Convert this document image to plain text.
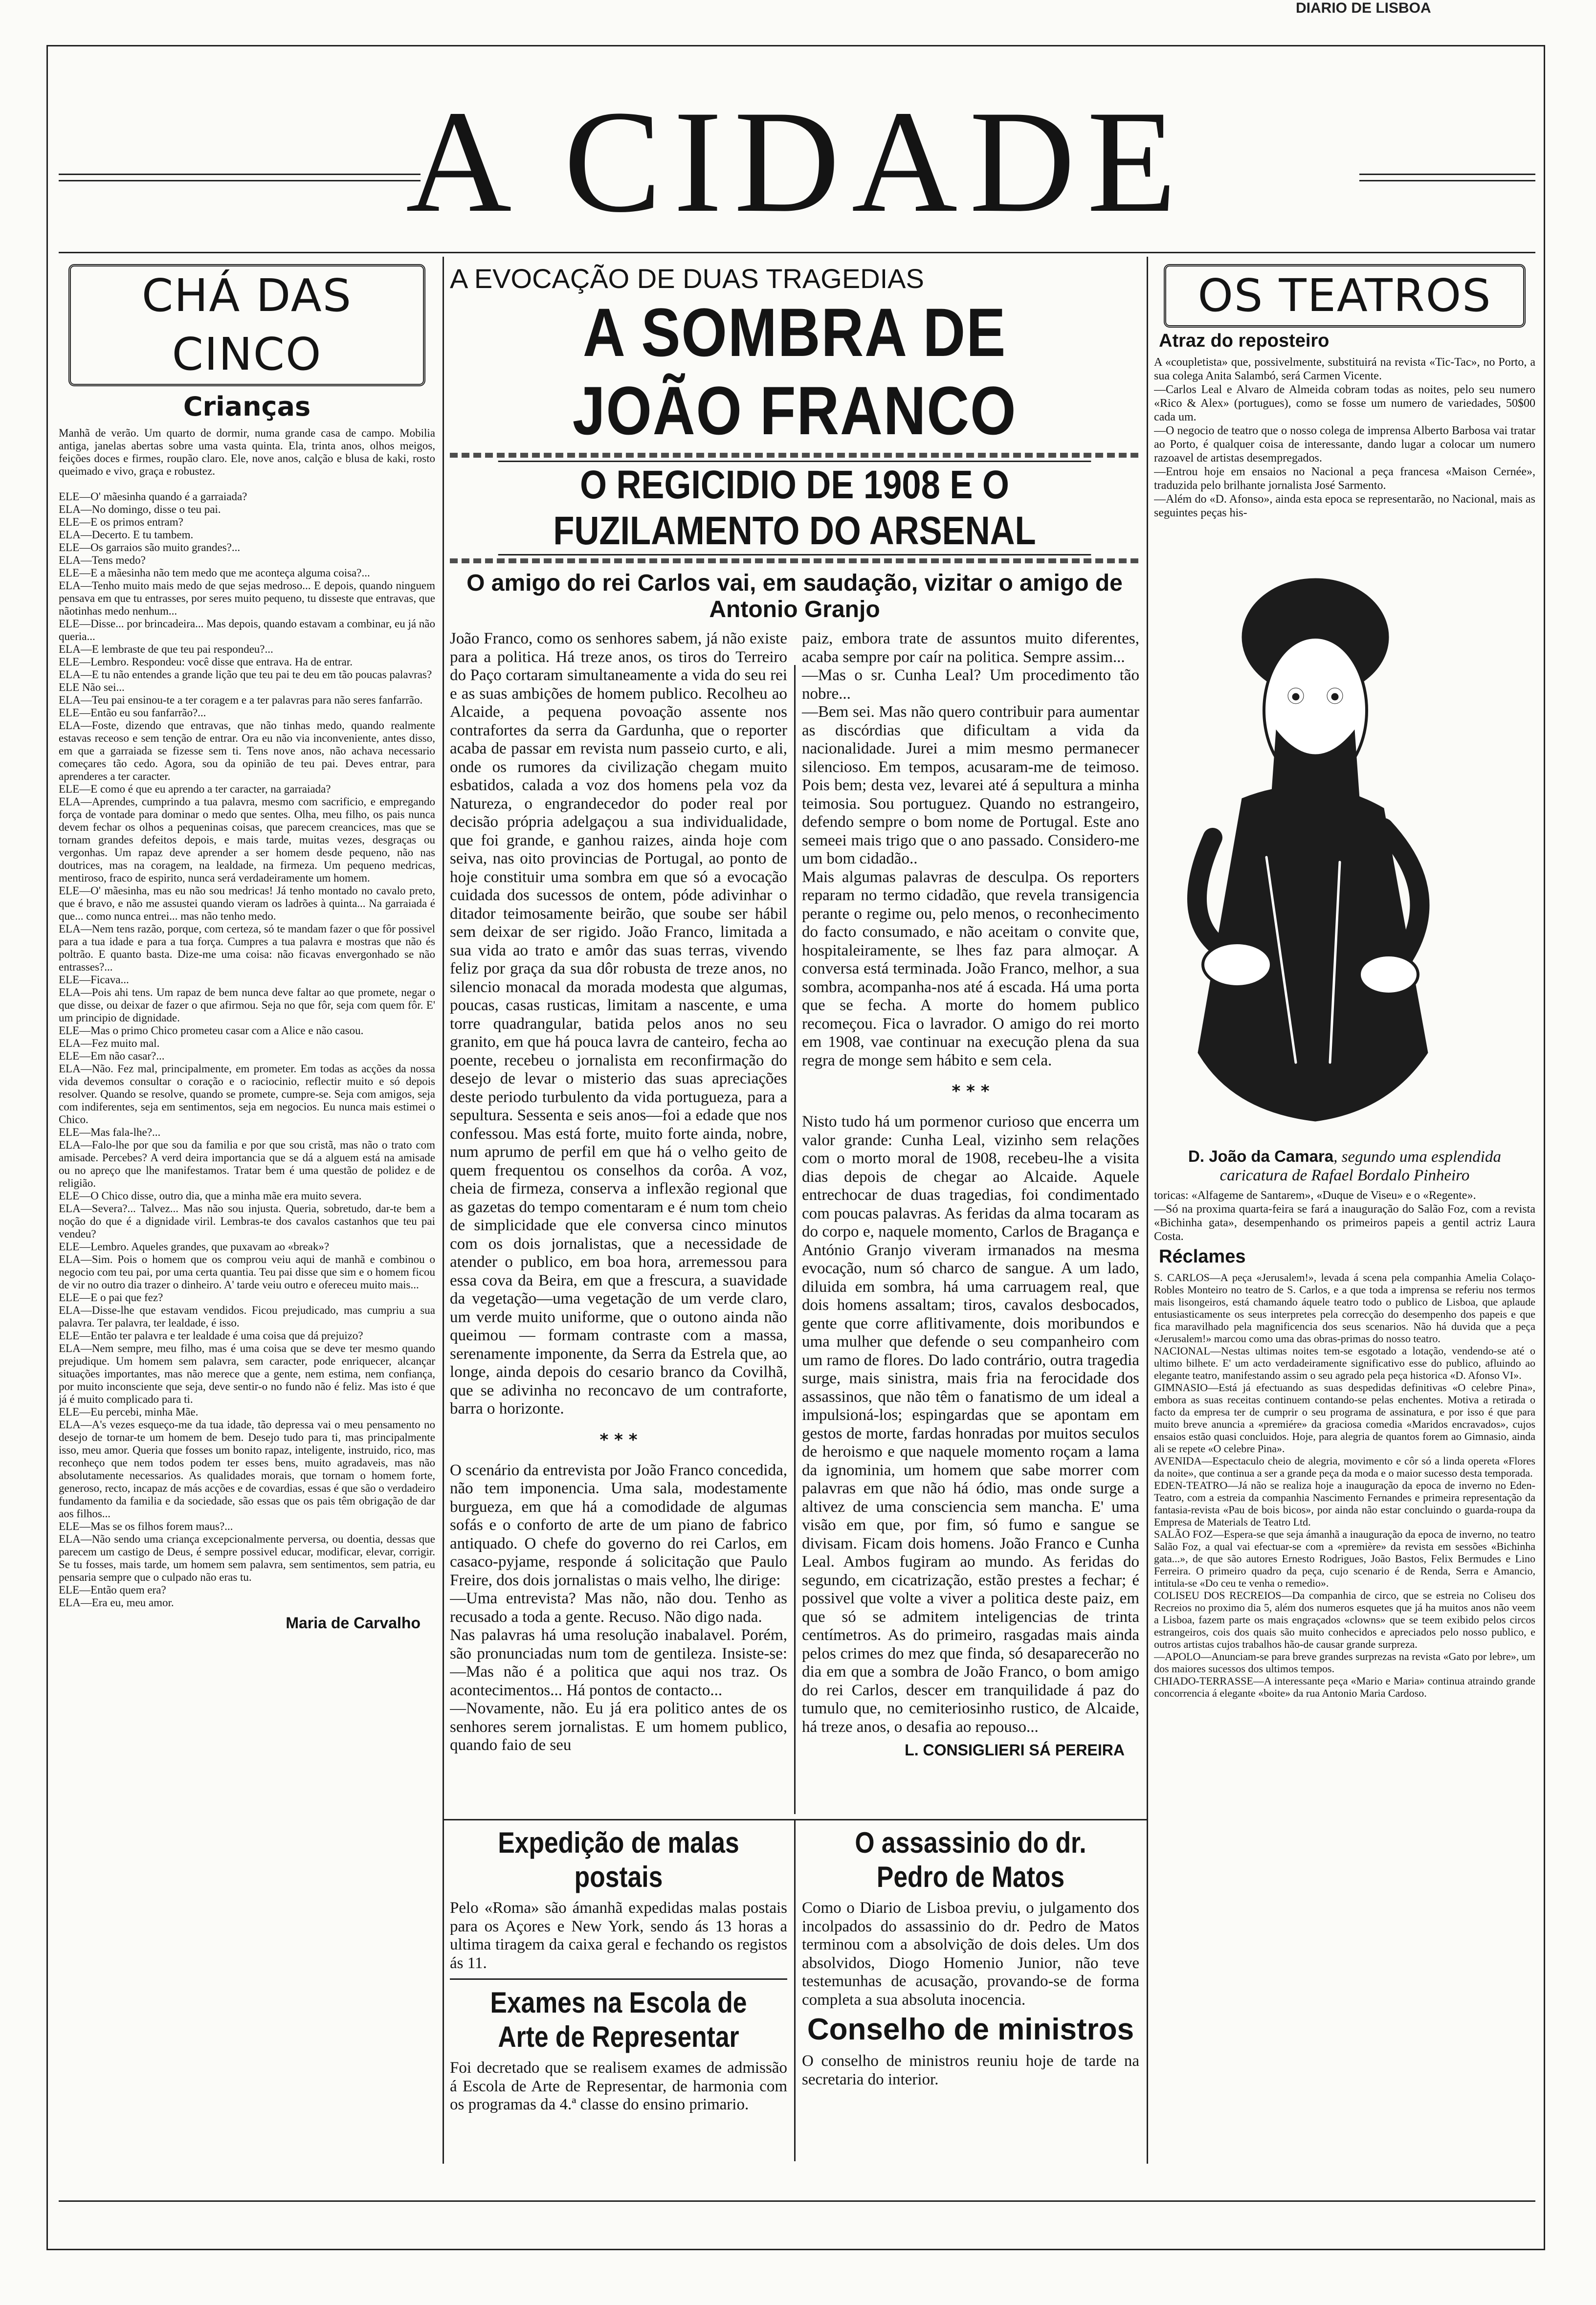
DIARIO DE LISBOA
A CIDADE
CHÁ DAS CINCO
Crianças

Manhã de verão. Um quarto de dormir, numa grande casa de campo. Mobilia antiga, janelas abertas sobre uma vasta quinta. Ela, trinta anos, olhos meigos, feições doces e firmes, roupão claro. Ele, nove anos, calção e blusa de kaki, rosto queimado e vivo, graça e robustez.

ELE—O' mãesinha quando é a garraiada?
ELA—No domingo, disse o teu pai.
ELE—E os primos entram?
ELA—Decerto. E tu tambem.
ELE—Os garraios são muito grandes?...
ELA—Tens medo?
ELE—E a mãesinha não tem medo que me aconteça alguma coisa?...
ELA—Tenho muito mais medo de que sejas medroso... E depois, quando ninguem pensava em que tu entrasses, por seres muito pequeno, tu disseste que entravas, que nãotinhas medo nenhum...
ELE—Disse... por brincadeira... Mas depois, quando estavam a combinar, eu já não queria...
ELA—E lembraste de que teu pai respondeu?...
ELE—Lembro. Respondeu: você disse que entrava. Ha de entrar.
ELA—E tu não entendes a grande lição que teu pai te deu em tão poucas palavras?
ELE Não sei...
ELA—Teu pai ensinou-te a ter coragem e a ter palavras para não seres fanfarrão.
ELE—Então eu sou fanfarrão?...
ELA—Foste, dizendo que entravas, que não tinhas medo, quando realmente estavas receoso e sem tenção de entrar. Ora eu não via inconveniente, antes disso, em que a garraiada se fizesse sem ti. Tens nove anos, não achava necessario começares tão cedo. Agora, sou da opinião de teu pai. Deves entrar, para aprenderes a ter caracter.
ELE—E como é que eu aprendo a ter caracter, na garraiada?
ELA—Aprendes, cumprindo a tua palavra, mesmo com sacrificio, e empregando força de vontade para dominar o medo que sentes. Olha, meu filho, os pais nunca devem fechar os olhos a pequeninas coisas, que parecem creancices, mas que se tornam grandes defeitos depois, e mais tarde, muitas vezes, desgraças ou vergonhas. Um rapaz deve aprender a ser homem desde pequeno, não nas doutrices, mas na coragem, na lealdade, na firmeza. Um pequeno medricas, mentiroso, fraco de espirito, nunca será verdadeiramente um homem.
ELE—O' mãesinha, mas eu não sou medricas! Já tenho montado no cavalo preto, que é bravo, e não me assustei quando vieram os ladrões à quinta... Na garraiada é que... como nunca entrei... mas não tenho medo.
ELA—Nem tens razão, porque, com certeza, só te mandam fazer o que fôr possivel para a tua idade e para a tua força. Cumpres a tua palavra e mostras que não és poltrão. E quanto basta. Dize-me uma coisa: não ficavas envergonhado se não entrasses?...
ELE—Ficava...
ELA—Pois ahi tens. Um rapaz de bem nunca deve faltar ao que promete, negar o que disse, ou deixar de fazer o que afirmou. Seja no que fôr, seja com quem fôr. E' um principio de dignidade.
ELE—Mas o primo Chico prometeu casar com a Alice e não casou.
ELA—Fez muito mal.
ELE—Em não casar?...
ELA—Não. Fez mal, principalmente, em prometer. Em todas as acções da nossa vida devemos consultar o coração e o raciocinio, reflectir muito e só depois resolver. Quando se resolve, quando se promete, cumpre-se. Seja com amigos, seja com indiferentes, seja em sentimentos, seja em negocios. Eu nunca mais estimei o Chico.
ELE—Mas fala-lhe?...
ELA—Falo-lhe por que sou da familia e por que sou cristã, mas não o trato com amisade. Percebes? A verd deira importancia que se dá a alguem está na amisade ou no apreço que lhe manifestamos. Tratar bem é uma questão de polidez e de religião.
ELE—O Chico disse, outro dia, que a minha mãe era muito severa.
ELA—Severa?... Talvez... Mas não sou injusta. Queria, sobretudo, dar-te bem a noção do que é a dignidade viril. Lembras-te dos cavalos castanhos que teu pai vendeu?
ELE—Lembro. Aqueles grandes, que puxavam ao «break»?
ELA—Sim. Pois o homem que os comprou veiu aqui de manhã e combinou o negocio com teu pai, por uma certa quantia. Teu pai disse que sim e o homem ficou de vir no outro dia trazer o dinheiro. A' tarde veiu outro e ofereceu muito mais...
ELE—E o pai que fez?
ELA—Disse-lhe que estavam vendidos. Ficou prejudicado, mas cumpriu a sua palavra. Ter palavra, ter lealdade, é isso.
ELE—Então ter palavra e ter lealdade é uma coisa que dá prejuizo?
ELA—Nem sempre, meu filho, mas é uma coisa que se deve ter mesmo quando prejudique. Um homem sem palavra, sem caracter, pode enriquecer, alcançar situações importantes, mas não merece que a gente, nem estima, nem confiança, por muito inconsciente que seja, deve sentir-o no fundo não é feliz. Mas isto é que já é muito complicado para ti.
ELE—Eu percebi, minha Mãe.
ELA—A's vezes esqueço-me da tua idade, tão depressa vai o meu pensamento no desejo de tornar-te um homem de bem. Desejo tudo para ti, mas principalmente isso, meu amor. Queria que fosses um bonito rapaz, inteligente, instruido, rico, mas reconheço que nem todos podem ter esses bens, muito agradaveis, mas não absolutamente necessarios. As qualidades morais, que tornam o homem forte, generoso, recto, incapaz de más acções e de covardias, essas é que são o verdadeiro fundamento da familia e da sociedade, são essas que os pais têm obrigação de dar aos filhos...
ELE—Mas se os filhos forem maus?...
ELA—Não sendo uma criança excepcionalmente perversa, ou doentia, dessas que parecem um castigo de Deus, é sempre possivel educar, modificar, elevar, corrigir. Se tu fosses, mais tarde, um homem sem palavra, sem sentimentos, sem patria, eu pensaria sempre que o culpado não eras tu.
ELE—Então quem era?
ELA—Era eu, meu amor.

Maria de Carvalho

A EVOCAÇÃO DE DUAS TRAGEDIAS

A SOMBRA DE JOÃO FRANCO

O REGICIDIO DE 1908 E O FUZILAMENTO DO ARSENAL
O amigo do rei Carlos vai, em saudação, vizitar o amigo de Antonio Granjo

João Franco, como os senhores sabem, já não existe para a politica. Há treze anos, os tiros do Terreiro do Paço cortaram simultaneamente a vida do seu rei e as suas ambições de homem publico. Recolheu ao Alcaide, a pequena povoação assente nos contrafortes da serra da Gardunha, que o reporter acaba de passar em revista num passeio curto, e ali, onde os rumores da civilização chegam muito esbatidos, calada a voz dos homens pela voz da Natureza, o engrandecedor do poder real por decisão própria adelgaçou a sua individualidade, que foi grande, e ganhou raizes, ainda hoje com seiva, nas oito provincias de Portugal, ao ponto de hoje constituir uma sombra em que só a evocação cuidada dos sucessos de ontem, póde adivinhar o ditador teimosamente beirão, que soube ser hábil sem deixar de ser rigido. João Franco, limitada a sua vida ao trato e amôr das suas terras, vivendo feliz por graça da sua dôr robusta de treze anos, no silencio monacal da morada modesta que algumas, poucas, casas rusticas, limitam a nascente, e uma torre quadrangular, batida pelos anos no seu granito, em que há pouca lavra de canteiro, fecha ao poente, recebeu o jornalista em reconfirmação do desejo de levar o misterio das suas apreciações deste periodo turbulento da vida portugueza, para a sepultura. Sessenta e seis anos—foi a edade que nos confessou. Mas está forte, muito forte ainda, nobre, num aprumo de perfil em que há o velho geito de quem frequentou os conselhos da corôa. A voz, cheia de firmeza, conserva a inflexão regional que as gazetas do tempo comentaram e é num tom cheio de simplicidade que ele conversa cinco minutos com os dois jornalistas, que a necessidade de atender o publico, em boa hora, arremessou para essa cova da Beira, em que a frescura, a suavidade da vegetação—uma vegetação de um verde claro, um verde muito uniforme, que o outono ainda não queimou — formam contraste com a massa, serenamente imponente, da Serra da Estrela que, ao longe, ainda depois do cesario branco da Covilhã, que se adivinha no reconcavo de um contraforte, barra o horizonte.

* * *

O scenário da entrevista por João Franco concedida, não tem imponencia. Uma sala, modestamente burgueza, em que há a comodidade de algumas sofás e o conforto de arte de um piano de fabrico antiquado. O chefe do governo do rei Carlos, em casaco-pyjame, responde á solicitação que Paulo Freire, dos dois jornalistas o mais velho, lhe dirige:
—Uma entrevista? Mas não, não dou. Tenho as recusado a toda a gente. Recuso. Não digo nada.
Nas palavras há uma resolução inabalavel. Porém, são pronunciadas num tom de gentileza. Insiste-se:—Mas não é a politica que aqui nos traz. Os acontecimentos... Há pontos de contacto...
—Novamente, não. Eu já era politico antes de os senhores serem jornalistas. E um homem publico, quando faio de seu

paiz, embora trate de assuntos muito diferentes, acaba sempre por caír na politica. Sempre assim...
—Mas o sr. Cunha Leal? Um procedimento tão nobre...
—Bem sei. Mas não quero contribuir para aumentar as discórdias que dificultam a vida da nacionalidade. Jurei a mim mesmo permanecer silencioso. Em tempos, acusaram-me de teimoso. Pois bem; desta vez, levarei até á sepultura a minha teimosia. Sou portuguez. Quando no estrangeiro, defendo sempre o bom nome de Portugal. Este ano semeei mais trigo que o ano passado. Considero-me um bom cidadão..
Mais algumas palavras de desculpa. Os reporters reparam no termo cidadão, que revela transigencia perante o regime ou, pelo menos, o reconhecimento do facto consumado, e não aceitam o convite que, hospitaleiramente, se lhes faz para almoçar. A conversa está terminada. João Franco, melhor, a sua sombra, acompanha-nos até á escada. Há uma porta que se fecha. A morte do homem publico recomeçou. Fica o lavrador. O amigo do rei morto em 1908, vae continuar na execução plena da sua regra de monge sem hábito e sem cela.

* * *

Nisto tudo há um pormenor curioso que encerra um valor grande: Cunha Leal, vizinho sem relações com o morto moral de 1908, recebeu-lhe a visita dias depois de chegar ao Alcaide. Aquele entrechocar de duas tragedias, foi condimentado com poucas palavras. As feridas da alma tocaram as do corpo e, naquele momento, Carlos de Bragança e António Granjo viveram irmanados na mesma evocação, num só charco de sangue. A um lado, diluida em sombra, há uma carruagem real, que dois homens assaltam; tiros, cavalos desbocados, gente que corre aflitivamente, dois moribundos e uma mulher que defende o seu companheiro com um ramo de flores. Do lado contrário, outra tragedia surge, mais sinistra, mais fria na ferocidade dos assassinos, que não têm o fanatismo de um ideal a impulsioná-los; espingardas que se apontam em gestos de morte, fardas honradas por muitos seculos de heroismo e que naquele momento roçam a lama da ignominia, um homem que sabe morrer com palavras em que não há ódio, mas onde surge a altivez de uma consciencia sem mancha. E' uma visão em que, por fim, só fumo e sangue se divisam. Ficam dois homens. João Franco e Cunha Leal. Ambos fugiram ao mundo. As feridas do segundo, em cicatrização, estão prestes a fechar; é possivel que volte a viver a politica deste paiz, em que só se admitem inteligencias de trinta centímetros. As do primeiro, rasgadas mais ainda pelos crimes do mez que finda, só desaparecerão no dia em que a sombra de João Franco, o bom amigo do rei Carlos, descer em tranquilidade á paz do tumulo que, no cemiteriosinho rustico, de Alcaide, há treze anos, o desafia ao repouso...

L. CONSIGLIERI SÁ PEREIRA
Expedição de malas postais

Pelo «Roma» são ámanhã expedidas malas postais para os Açores e New York, sendo ás 13 horas a ultima tiragem da caixa geral e fechando os registos ás 11.

Exames na Escola de Arte de Representar

Foi decretado que se realisem exames de admissão á Escola de Arte de Representar, de harmonia com os programas da 4.ª classe do ensino primario.

O assassinio do dr. Pedro de Matos

Como o Diario de Lisboa previu, o julgamento dos incolpados do assassinio do dr. Pedro de Matos terminou com a absolvição de dois deles. Um dos absolvidos, Diogo Homenio Junior, não teve testemunhas de acusação, provando-se de forma completa a sua absoluta inocencia.

Conselho de ministros

O conselho de ministros reuniu hoje de tarde na secretaria do interior.

OS TEATROS
Atraz do reposteiro

A «coupletista» que, possivelmente, substituirá na revista «Tic-Tac», no Porto, a sua colega Anita Salambó, será Carmen Vicente.
—Carlos Leal e Alvaro de Almeida cobram todas as noites, pelo seu numero «Rico & Alex» (portugues), como se fosse um numero de variedades, 50$00 cada um.
—O negocio de teatro que o nosso colega de imprensa Alberto Barbosa vai tratar ao Porto, é qualquer coisa de interessante, dando lugar a colocar um numero razoavel de artistas desempregados.
—Entrou hoje em ensaios no Nacional a peça francesa «Maison Cernée», traduzida pelo brilhante jornalista José Sarmento.
—Além do «D. Afonso», ainda esta epoca se representarão, no Nacional, mais as seguintes peças his-

D. João da Camara, segundo uma esplendida caricatura de Rafael Bordalo Pinheiro

toricas: «Alfageme de Santarem», «Duque de Viseu» e o «Regente».
—Só na proxima quarta-feira se fará a inauguração do Salão Foz, com a revista «Bichinha gata», desempenhando os primeiros papeis a gentil actriz Laura Costa.

Réclames

S. CARLOS—A peça «Jerusalem!», levada á scena pela companhia Amelia Colaço-Robles Monteiro no teatro de S. Carlos, e a que toda a imprensa se referiu nos termos mais lisongeiros, está chamando áquele teatro todo o publico de Lisboa, que aplaude entusiasticamente os seus interpretes pela correcção do desempenho dos papeis e que fica maravilhado pela magnificencia dos seus scenarios. Não há duvida que a peça «Jerusalem!» marcou como uma das obras-primas do nosso teatro.
NACIONAL—Nestas ultimas noites tem-se esgotado a lotação, vendendo-se até o ultimo bilhete. E' um acto verdadeiramente significativo esse do publico, afluindo ao elegante teatro, manifestando assim o seu agrado pela peça historica «D. Afonso VI».
GIMNASIO—Está já efectuando as suas despedidas definitivas «O celebre Pina», embora as suas receitas continuem contando-se pelas enchentes. Motiva a retirada o facto da empresa ter de cumprir o seu programa de assinatura, e por isso é que para muito breve anuncia a «premiére» da graciosa comedia «Maridos encravados», cujos ensaios estão quasi concluidos. Hoje, para alegria de quantos forem ao Gimnasio, ainda ali se repete «O celebre Pina».
AVENIDA—Espectaculo cheio de alegria, movimento e côr só a linda opereta «Flores da noite», que continua a ser a grande peça da moda e o maior sucesso desta temporada.
EDEN-TEATRO—Já não se realiza hoje a inauguração da epoca de inverno no Eden-Teatro, com a estreia da companhia Nascimento Fernandes e primeira representação da fantasia-revista «Pau de bois bicos», por ainda não estar concluindo o guarda-roupa da Empresa de Materials de Teatro Ltd.
SALÃO FOZ—Espera-se que seja ámanhã a inauguração da epoca de inverno, no teatro Salão Foz, a qual vai efectuar-se com a «première» da revista em sessões «Bichinha gata...», de que são autores Ernesto Rodrigues, João Bastos, Felix Bermudes e Lino Ferreira. O primeiro quadro da peça, cujo scenario é de Renda, Serra e Amancio, intitula-se «Do ceu te venha o remedio».
COLISEU DOS RECREIOS—Da companhia de circo, que se estreia no Coliseu dos Recreios no proximo dia 5, além dos numeros esquetes que já ha muitos anos não veem a Lisboa, fazem parte os mais engraçados «clowns» que se teem exibido pelos circos estrangeiros, cois dos quais são muito conhecidos e apreciados pelo nosso publico, e outros artistas cujos trabalhos hão-de causar grande surpreza.
—APOLO—Anunciam-se para breve grandes surprezas na revista «Gato por lebre», um dos maiores sucessos dos ultimos tempos.
CHIADO-TERRASSE—A interessante peça «Mario e Maria» continua atraindo grande concorrencia á elegante «boite» da rua Antonio Maria Cardoso.
